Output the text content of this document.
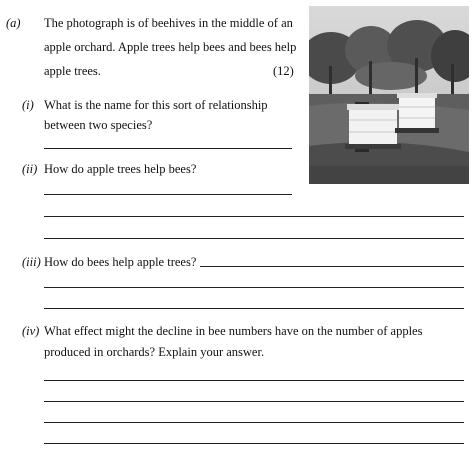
(a) The photograph is of beehives in the middle of an
apple orchard. Apple trees help bees and bees help
apple trees.	(12)
(i) What is the name for this sort of relationship
between two species?
(ii) How do apple trees help bees?
(iii) How do bees help apple trees?
(iv) What effect might the decline in bee numbers have on the number of apples
produced in orchards? Explain your answer.
